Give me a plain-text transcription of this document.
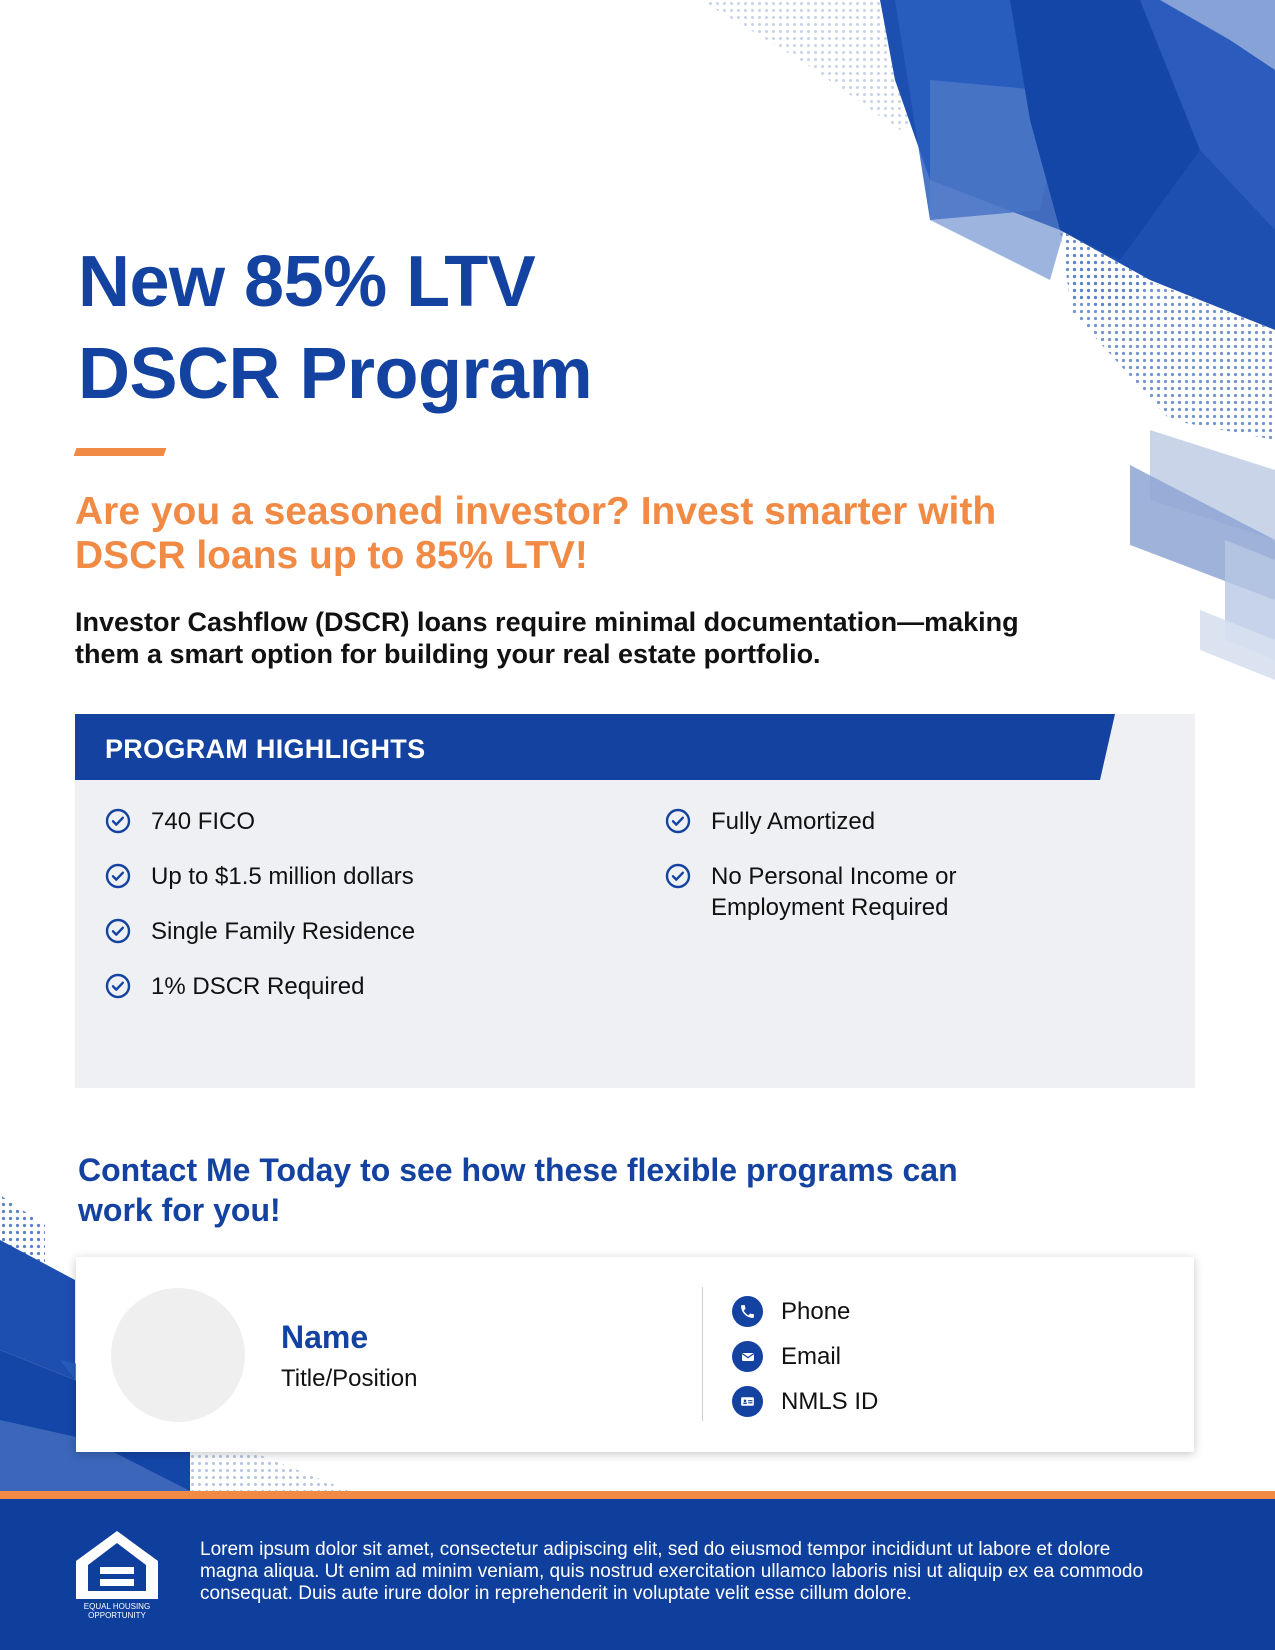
New 85% LTV
DSCR Program
Are you a seasoned investor? Invest smarter with DSCR loans up to 85% LTV!

Investor Cashflow (DSCR) loans require minimal documentation—making them a smart option for building your real estate portfolio.

PROGRAM HIGHLIGHTS
740 FICO
Up to $1.5 million dollars
Single Family Residence
1% DSCR Required
Fully Amortized
No Personal Income or Employment Required
Contact Me Today to see how these flexible programs can work for you!
Name
Title/Position
Phone
Email
NMLS ID
EQUAL HOUSING
OPPORTUNITY

Lorem ipsum dolor sit amet, consectetur adipiscing elit, sed do eiusmod tempor incididunt ut labore et dolore magna aliqua. Ut enim ad minim veniam, quis nostrud exercitation ullamco laboris nisi ut aliquip ex ea commodo consequat. Duis aute irure dolor in reprehenderit in voluptate velit esse cillum dolore.
